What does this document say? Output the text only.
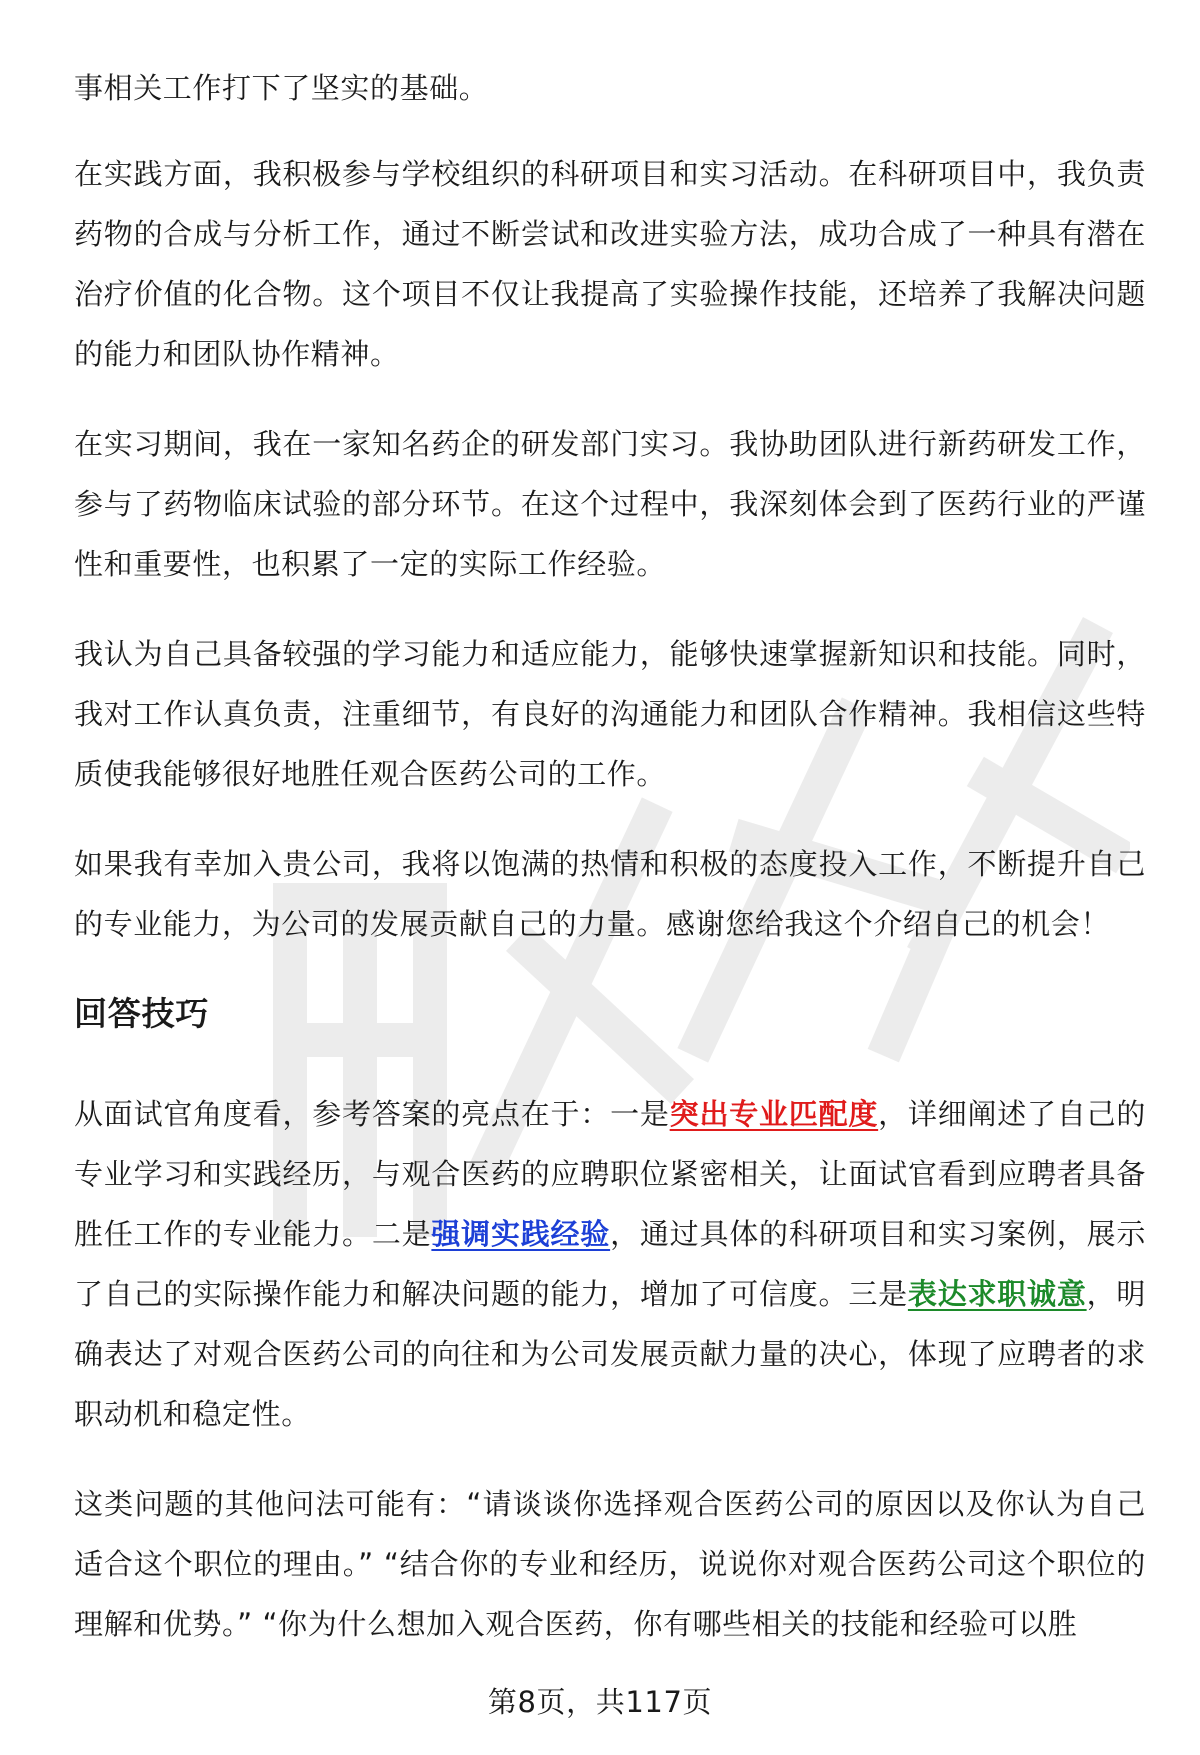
事相关工作打下了坚实的基础。

在实践方面，我积极参与学校组织的科研项目和实习活动。在科研项目中，我负责药物的合成与分析工作，通过不断尝试和改进实验方法，成功合成了一种具有潜在治疗价值的化合物。这个项目不仅让我提高了实验操作技能，还培养了我解决问题的能力和团队协作精神。

在实习期间，我在一家知名药企的研发部门实习。我协助团队进行新药研发工作，参与了药物临床试验的部分环节。在这个过程中，我深刻体会到了医药行业的严谨性和重要性，也积累了一定的实际工作经验。

我认为自己具备较强的学习能力和适应能力，能够快速掌握新知识和技能。同时，我对工作认真负责，注重细节，有良好的沟通能力和团队合作精神。我相信这些特质使我能够很好地胜任观合医药公司的工作。

如果我有幸加入贵公司，我将以饱满的热情和积极的态度投入工作，不断提升自己的专业能力，为公司的发展贡献自己的力量。感谢您给我这个介绍自己的机会！

回答技巧

从面试官角度看，参考答案的亮点在于：一是突出专业匹配度，详细阐述了自己的专业学习和实践经历，与观合医药的应聘职位紧密相关，让面试官看到应聘者具备胜任工作的专业能力。二是强调实践经验，通过具体的科研项目和实习案例，展示了自己的实际操作能力和解决问题的能力，增加了可信度。三是表达求职诚意，明确表达了对观合医药公司的向往和为公司发展贡献力量的决心，体现了应聘者的求职动机和稳定性。

这类问题的其他问法可能有：“请谈谈你选择观合医药公司的原因以及你认为自己适合这个职位的理由。” “结合你的专业和经历，说说你对观合医药公司这个职位的理解和优势。” “你为什么想加入观合医药，你有哪些相关的技能和经验可以胜

第8页，共117页
